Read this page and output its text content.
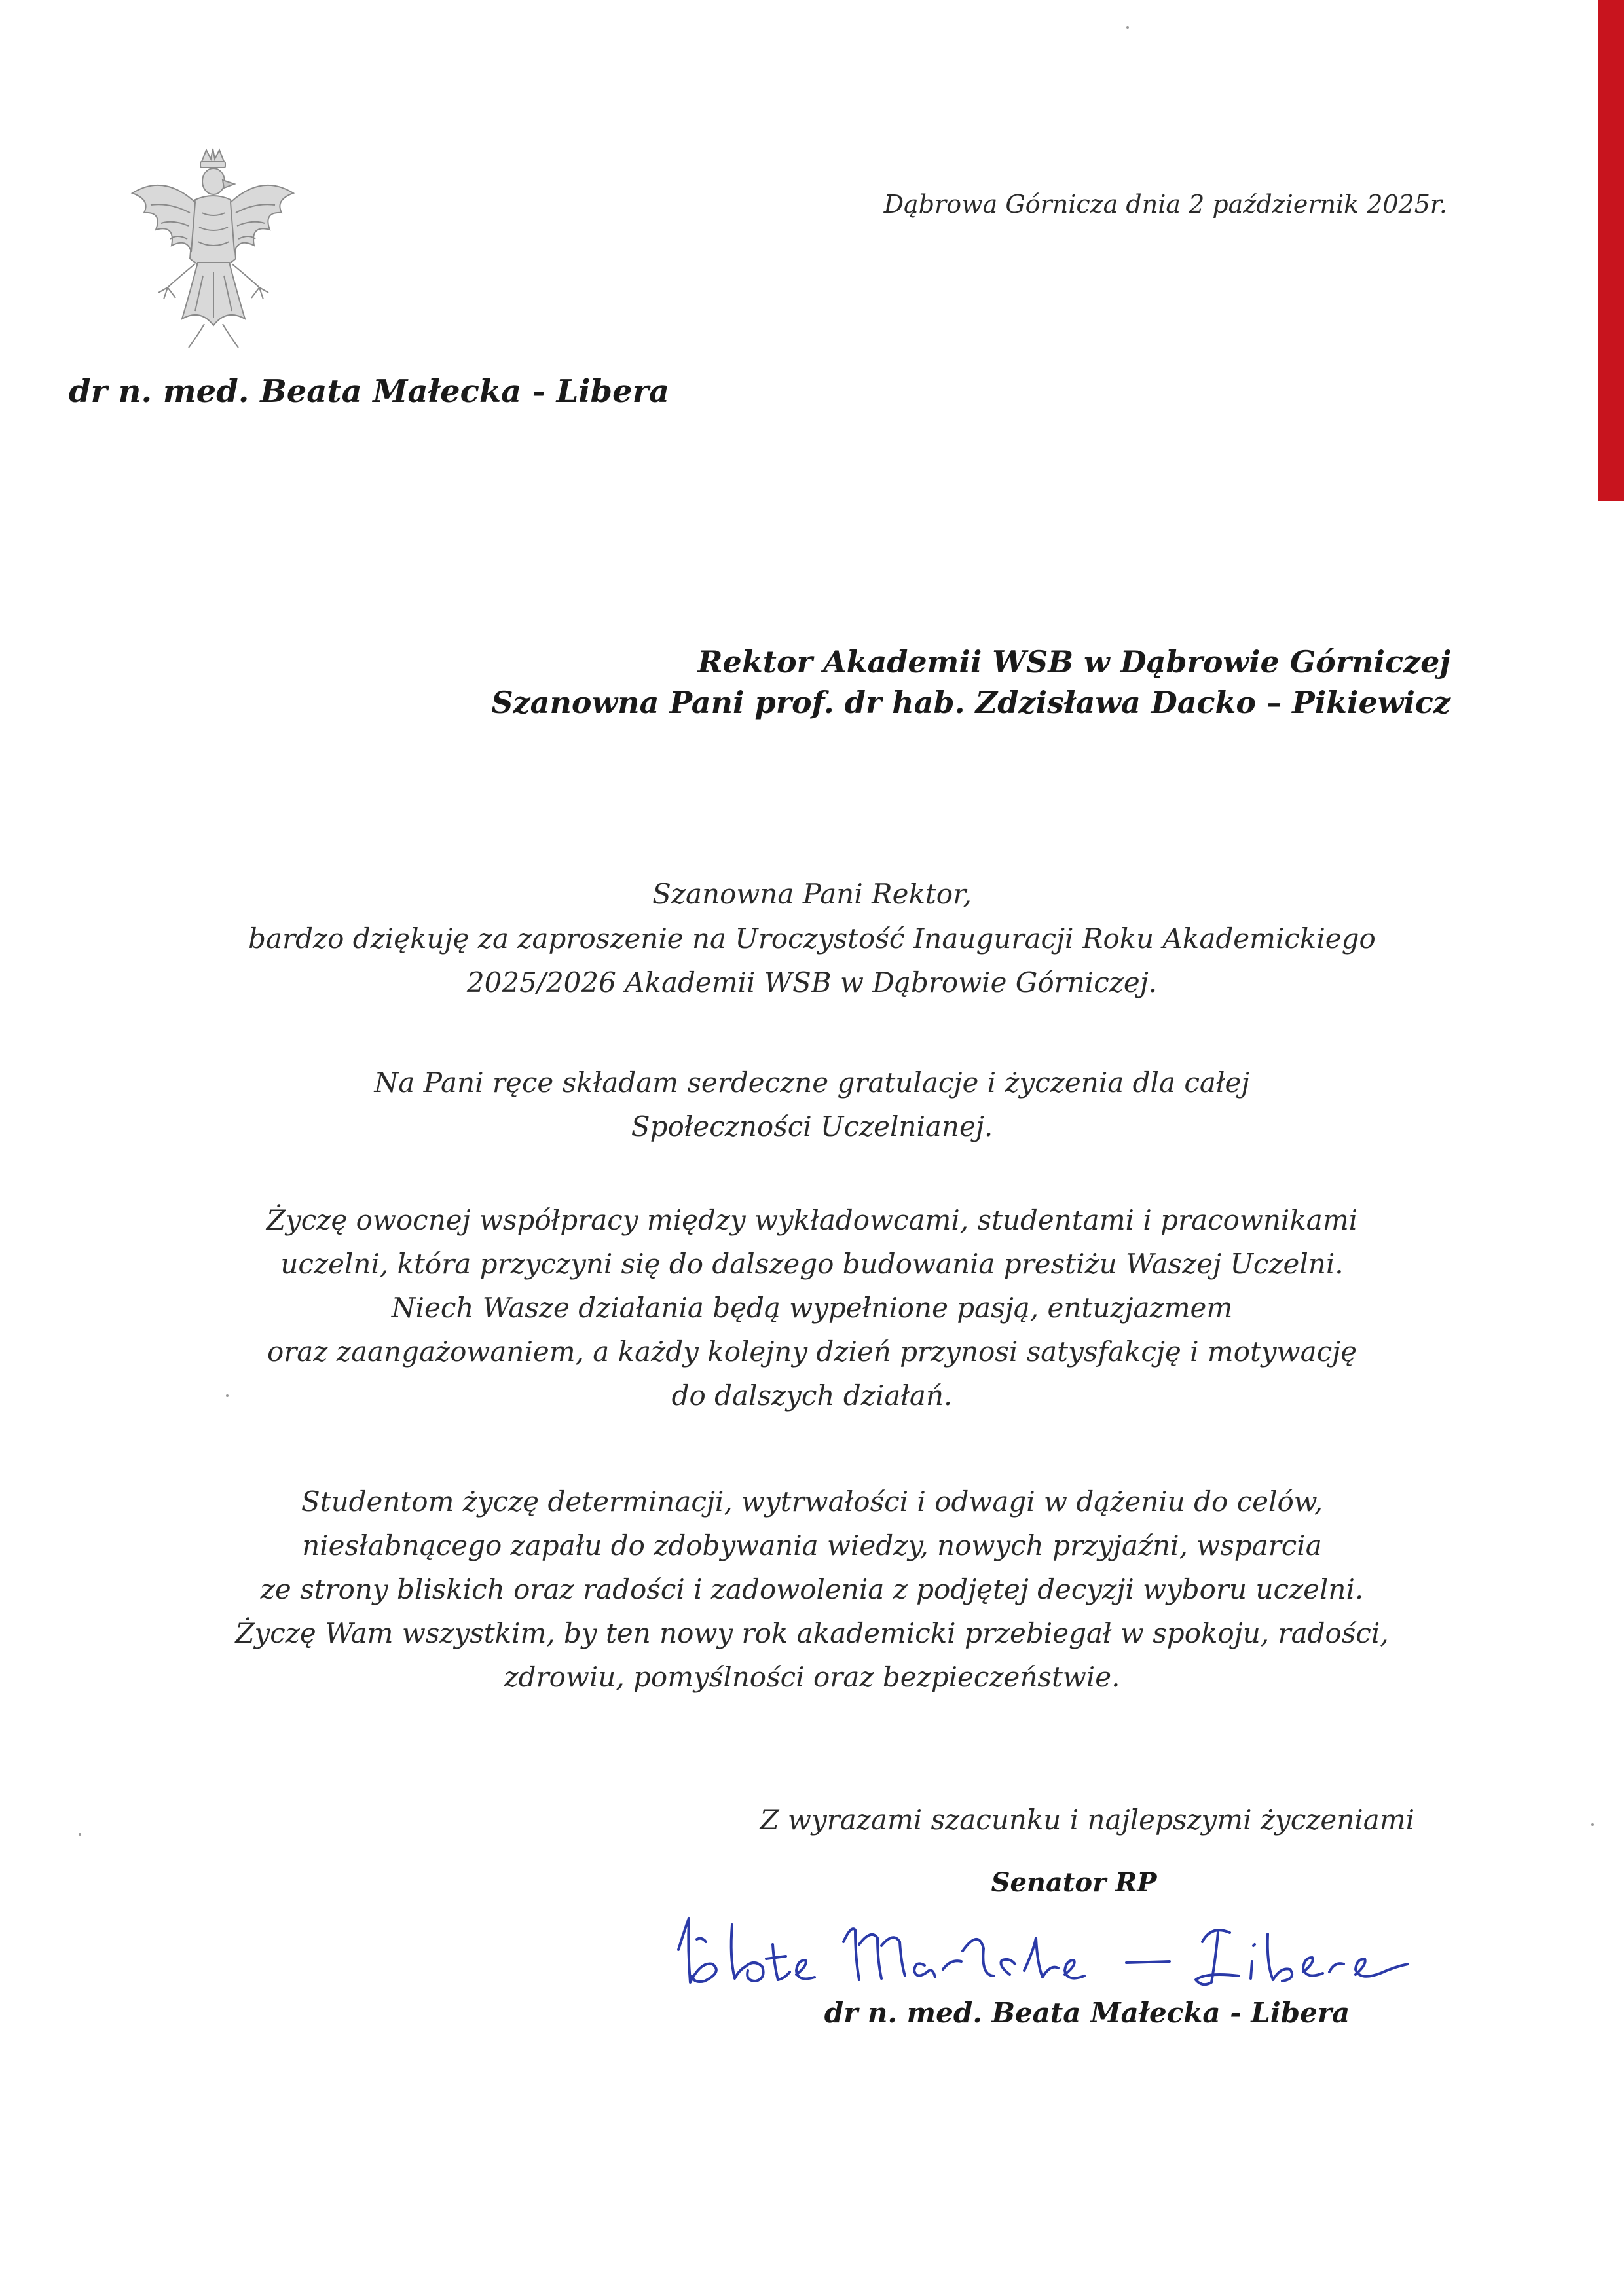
Dąbrowa Górnicza dnia 2 październik 2025r.
dr n. med. Beata Małecka - Libera
Rektor Akademii WSB w Dąbrowie Górniczej
Szanowna Pani prof. dr hab. Zdzisława Dacko – Pikiewicz

Szanowna Pani Rektor,

bardzo dziękuję za zaproszenie na Uroczystość Inauguracji Roku Akademickiego

2025/2026 Akademii WSB w Dąbrowie Górniczej.

Na Pani ręce składam serdeczne gratulacje i życzenia dla całej

Społeczności Uczelnianej.

Życzę owocnej współpracy między wykładowcami, studentami i pracownikami

uczelni, która przyczyni się do dalszego budowania prestiżu Waszej Uczelni.

Niech Wasze działania będą wypełnione pasją, entuzjazmem

oraz zaangażowaniem, a każdy kolejny dzień przynosi satysfakcję i motywację

do dalszych działań.

Studentom życzę determinacji, wytrwałości i odwagi w dążeniu do celów,

niesłabnącego zapału do zdobywania wiedzy, nowych przyjaźni, wsparcia

ze strony bliskich oraz radości i zadowolenia z podjętej decyzji wyboru uczelni.

Życzę Wam wszystkim, by ten nowy rok akademicki przebiegał w spokoju, radości,

zdrowiu, pomyślności oraz bezpieczeństwie.

Z wyrazami szacunku i najlepszymi życzeniami
Senator RP
dr n. med. Beata Małecka - Libera
